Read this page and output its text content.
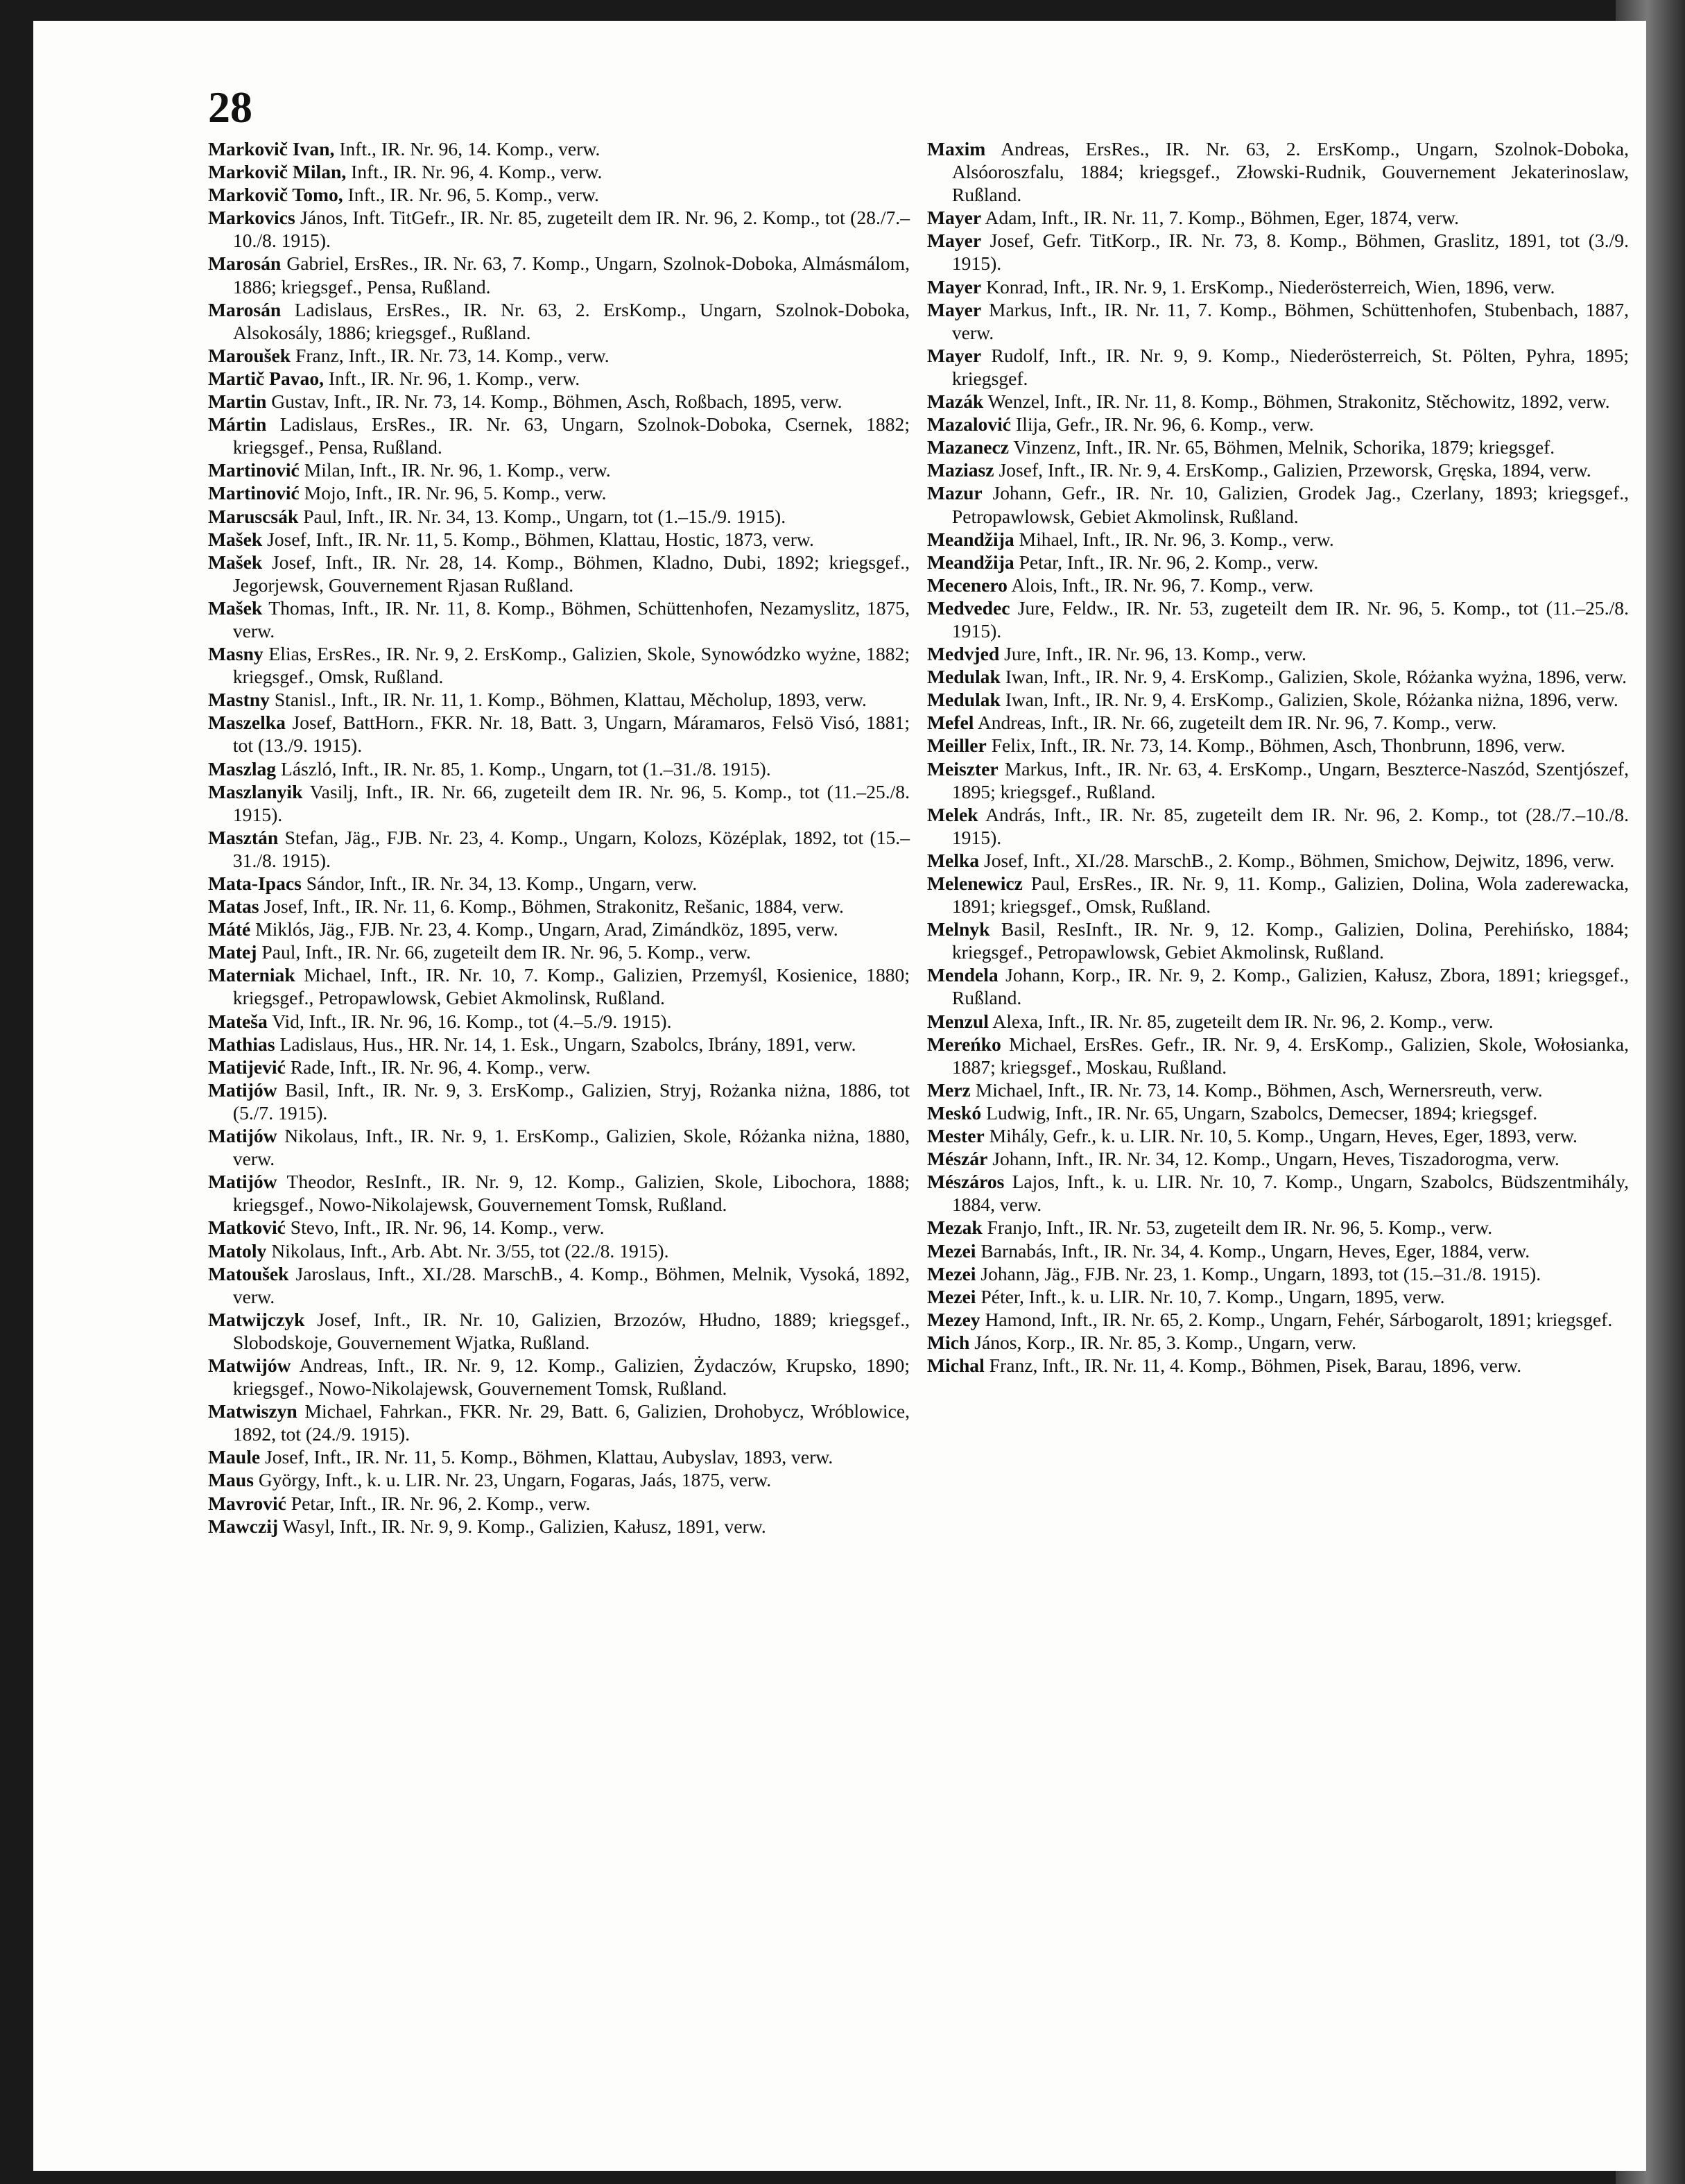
28

Markovič Ivan, Inft., IR. Nr. 96, 14. Komp., verw.

Markovič Milan, Inft., IR. Nr. 96, 4. Komp., verw.

Markovič Tomo, Inft., IR. Nr. 96, 5. Komp., verw.

Markovics János, Inft. TitGefr., IR. Nr. 85, zugeteilt dem IR. Nr. 96, 2. Komp., tot (28./7.–10./8. 1915).

Marosán Gabriel, ErsRes., IR. Nr. 63, 7. Komp., Ungarn, Szolnok-Doboka, Almásmálom, 1886; kriegsgef., Pensa, Rußland.

Marosán Ladislaus, ErsRes., IR. Nr. 63, 2. ErsKomp., Ungarn, Szolnok-Doboka, Alsokosály, 1886; kriegsgef., Rußland.

Maroušek Franz, Inft., IR. Nr. 73, 14. Komp., verw.

Martič Pavao, Inft., IR. Nr. 96, 1. Komp., verw.

Martin Gustav, Inft., IR. Nr. 73, 14. Komp., Böhmen, Asch, Roßbach, 1895, verw.

Mártin Ladislaus, ErsRes., IR. Nr. 63, Ungarn, Szolnok-Doboka, Csernek, 1882; kriegsgef., Pensa, Rußland.

Martinović Milan, Inft., IR. Nr. 96, 1. Komp., verw.

Martinović Mojo, Inft., IR. Nr. 96, 5. Komp., verw.

Maruscsák Paul, Inft., IR. Nr. 34, 13. Komp., Ungarn, tot (1.–15./9. 1915).

Mašek Josef, Inft., IR. Nr. 11, 5. Komp., Böhmen, Klattau, Hostic, 1873, verw.

Mašek Josef, Inft., IR. Nr. 28, 14. Komp., Böhmen, Kladno, Dubi, 1892; kriegsgef., Jegorjewsk, Gouvernement Rjasan Rußland.

Mašek Thomas, Inft., IR. Nr. 11, 8. Komp., Böhmen, Schüttenhofen, Nezamyslitz, 1875, verw.

Masny Elias, ErsRes., IR. Nr. 9, 2. ErsKomp., Galizien, Skole, Synowódzko wyżne, 1882; kriegsgef., Omsk, Rußland.

Mastny Stanisl., Inft., IR. Nr. 11, 1. Komp., Böhmen, Klattau, Měcholup, 1893, verw.

Maszelka Josef, BattHorn., FKR. Nr. 18, Batt. 3, Ungarn, Máramaros, Felsö Visó, 1881; tot (13./9. 1915).

Maszlag László, Inft., IR. Nr. 85, 1. Komp., Ungarn, tot (1.–31./8. 1915).

Maszlanyik Vasilj, Inft., IR. Nr. 66, zugeteilt dem IR. Nr. 96, 5. Komp., tot (11.–25./8. 1915).

Masztán Stefan, Jäg., FJB. Nr. 23, 4. Komp., Ungarn, Kolozs, Középlak, 1892, tot (15.–31./8. 1915).

Mata-Ipacs Sándor, Inft., IR. Nr. 34, 13. Komp., Ungarn, verw.

Matas Josef, Inft., IR. Nr. 11, 6. Komp., Böhmen, Strakonitz, Rešanic, 1884, verw.

Máté Miklós, Jäg., FJB. Nr. 23, 4. Komp., Ungarn, Arad, Zimándköz, 1895, verw.

Matej Paul, Inft., IR. Nr. 66, zugeteilt dem IR. Nr. 96, 5. Komp., verw.

Materniak Michael, Inft., IR. Nr. 10, 7. Komp., Galizien, Przemyśl, Kosienice, 1880; kriegsgef., Petropawlowsk, Gebiet Akmolinsk, Rußland.

Mateša Vid, Inft., IR. Nr. 96, 16. Komp., tot (4.–5./9. 1915).

Mathias Ladislaus, Hus., HR. Nr. 14, 1. Esk., Ungarn, Szabolcs, Ibrány, 1891, verw.

Matijević Rade, Inft., IR. Nr. 96, 4. Komp., verw.

Matijów Basil, Inft., IR. Nr. 9, 3. ErsKomp., Galizien, Stryj, Rożanka niżna, 1886, tot (5./7. 1915).

Matijów Nikolaus, Inft., IR. Nr. 9, 1. ErsKomp., Galizien, Skole, Różanka niżna, 1880, verw.

Matijów Theodor, ResInft., IR. Nr. 9, 12. Komp., Galizien, Skole, Libochora, 1888; kriegsgef., Nowo-Nikolajewsk, Gouvernement Tomsk, Rußland.

Matković Stevo, Inft., IR. Nr. 96, 14. Komp., verw.

Matoly Nikolaus, Inft., Arb. Abt. Nr. 3/55, tot (22./8. 1915).

Matoušek Jaroslaus, Inft., XI./28. MarschB., 4. Komp., Böhmen, Melnik, Vysoká, 1892, verw.

Matwijczyk Josef, Inft., IR. Nr. 10, Galizien, Brzozów, Hłudno, 1889; kriegsgef., Slobodskoje, Gouvernement Wjatka, Rußland.

Matwijów Andreas, Inft., IR. Nr. 9, 12. Komp., Galizien, Żydaczów, Krupsko, 1890; kriegsgef., Nowo-Nikolajewsk, Gouvernement Tomsk, Rußland.

Matwiszyn Michael, Fahrkan., FKR. Nr. 29, Batt. 6, Galizien, Drohobycz, Wróblowice, 1892, tot (24./9. 1915).

Maule Josef, Inft., IR. Nr. 11, 5. Komp., Böhmen, Klattau, Aubyslav, 1893, verw.

Maus György, Inft., k. u. LIR. Nr. 23, Ungarn, Fogaras, Jaás, 1875, verw.

Mavrović Petar, Inft., IR. Nr. 96, 2. Komp., verw.

Mawczij Wasyl, Inft., IR. Nr. 9, 9. Komp., Galizien, Kałusz, 1891, verw.

Maxim Andreas, ErsRes., IR. Nr. 63, 2. ErsKomp., Ungarn, Szolnok-Doboka, Alsóoroszfalu, 1884; kriegsgef., Złowski-Rudnik, Gouvernement Jekaterinoslaw, Rußland.

Mayer Adam, Inft., IR. Nr. 11, 7. Komp., Böhmen, Eger, 1874, verw.

Mayer Josef, Gefr. TitKorp., IR. Nr. 73, 8. Komp., Böhmen, Graslitz, 1891, tot (3./9. 1915).

Mayer Konrad, Inft., IR. Nr. 9, 1. ErsKomp., Niederösterreich, Wien, 1896, verw.

Mayer Markus, Inft., IR. Nr. 11, 7. Komp., Böhmen, Schüttenhofen, Stubenbach, 1887, verw.

Mayer Rudolf, Inft., IR. Nr. 9, 9. Komp., Niederösterreich, St. Pölten, Pyhra, 1895; kriegsgef.

Mazák Wenzel, Inft., IR. Nr. 11, 8. Komp., Böhmen, Strakonitz, Stěchowitz, 1892, verw.

Mazalović Ilija, Gefr., IR. Nr. 96, 6. Komp., verw.

Mazanecz Vinzenz, Inft., IR. Nr. 65, Böhmen, Melnik, Schorika, 1879; kriegsgef.

Maziasz Josef, Inft., IR. Nr. 9, 4. ErsKomp., Galizien, Przeworsk, Gręska, 1894, verw.

Mazur Johann, Gefr., IR. Nr. 10, Galizien, Grodek Jag., Czerlany, 1893; kriegsgef., Petropawlowsk, Gebiet Akmolinsk, Rußland.

Meandžija Mihael, Inft., IR. Nr. 96, 3. Komp., verw.

Meandžija Petar, Inft., IR. Nr. 96, 2. Komp., verw.

Mecenero Alois, Inft., IR. Nr. 96, 7. Komp., verw.

Medvedec Jure, Feldw., IR. Nr. 53, zugeteilt dem IR. Nr. 96, 5. Komp., tot (11.–25./8. 1915).

Medvjed Jure, Inft., IR. Nr. 96, 13. Komp., verw.

Medulak Iwan, Inft., IR. Nr. 9, 4. ErsKomp., Galizien, Skole, Różanka wyżna, 1896, verw.

Medulak Iwan, Inft., IR. Nr. 9, 4. ErsKomp., Galizien, Skole, Różanka niżna, 1896, verw.

Mefel Andreas, Inft., IR. Nr. 66, zugeteilt dem IR. Nr. 96, 7. Komp., verw.

Meiller Felix, Inft., IR. Nr. 73, 14. Komp., Böhmen, Asch, Thonbrunn, 1896, verw.

Meiszter Markus, Inft., IR. Nr. 63, 4. ErsKomp., Ungarn, Beszterce-Naszód, Szentjószef, 1895; kriegsgef., Rußland.

Melek András, Inft., IR. Nr. 85, zugeteilt dem IR. Nr. 96, 2. Komp., tot (28./7.–10./8. 1915).

Melka Josef, Inft., XI./28. MarschB., 2. Komp., Böhmen, Smichow, Dejwitz, 1896, verw.

Melenewicz Paul, ErsRes., IR. Nr. 9, 11. Komp., Galizien, Dolina, Wola zaderewacka, 1891; kriegsgef., Omsk, Rußland.

Melnyk Basil, ResInft., IR. Nr. 9, 12. Komp., Galizien, Dolina, Perehińsko, 1884; kriegsgef., Petropawlowsk, Gebiet Akmolinsk, Rußland.

Mendela Johann, Korp., IR. Nr. 9, 2. Komp., Galizien, Kałusz, Zbora, 1891; kriegsgef., Rußland.

Menzul Alexa, Inft., IR. Nr. 85, zugeteilt dem IR. Nr. 96, 2. Komp., verw.

Mereńko Michael, ErsRes. Gefr., IR. Nr. 9, 4. ErsKomp., Galizien, Skole, Wołosianka, 1887; kriegsgef., Moskau, Rußland.

Merz Michael, Inft., IR. Nr. 73, 14. Komp., Böhmen, Asch, Wernersreuth, verw.

Meskó Ludwig, Inft., IR. Nr. 65, Ungarn, Szabolcs, Demecser, 1894; kriegsgef.

Mester Mihály, Gefr., k. u. LIR. Nr. 10, 5. Komp., Ungarn, Heves, Eger, 1893, verw.

Mészár Johann, Inft., IR. Nr. 34, 12. Komp., Ungarn, Heves, Tiszadorogma, verw.

Mészáros Lajos, Inft., k. u. LIR. Nr. 10, 7. Komp., Ungarn, Szabolcs, Büdszentmihály, 1884, verw.

Mezak Franjo, Inft., IR. Nr. 53, zugeteilt dem IR. Nr. 96, 5. Komp., verw.

Mezei Barnabás, Inft., IR. Nr. 34, 4. Komp., Ungarn, Heves, Eger, 1884, verw.

Mezei Johann, Jäg., FJB. Nr. 23, 1. Komp., Ungarn, 1893, tot (15.–31./8. 1915).

Mezei Péter, Inft., k. u. LIR. Nr. 10, 7. Komp., Ungarn, 1895, verw.

Mezey Hamond, Inft., IR. Nr. 65, 2. Komp., Ungarn, Fehér, Sárbogarolt, 1891; kriegsgef.

Mich János, Korp., IR. Nr. 85, 3. Komp., Ungarn, verw.

Michal Franz, Inft., IR. Nr. 11, 4. Komp., Böhmen, Pisek, Barau, 1896, verw.
